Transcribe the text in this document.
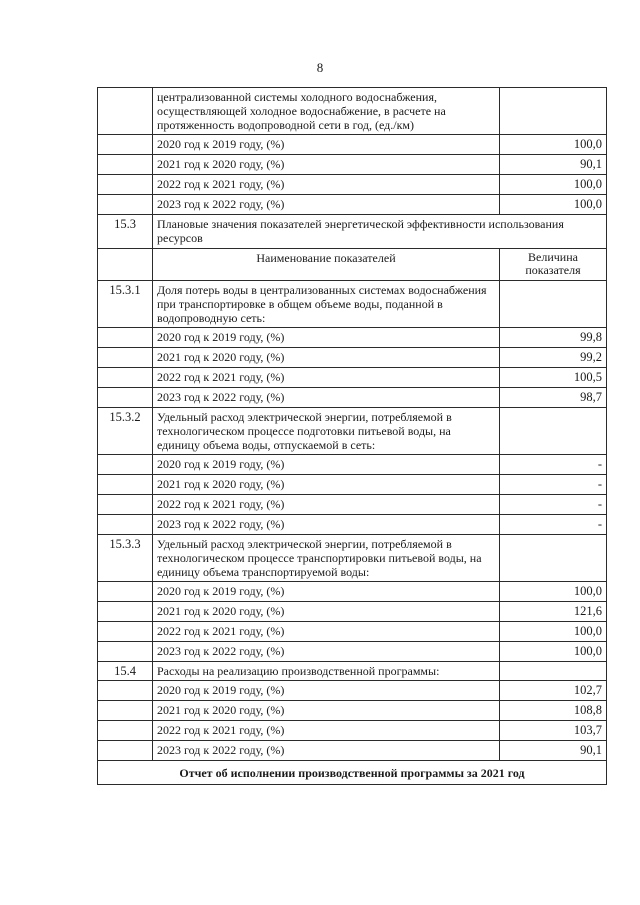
8
	централизованной системы холодного водоснабжения, осуществляющей холодное водоснабжение, в расчете на протяженность водопроводной сети в год, (ед./км)	
	2020 год к 2019 году, (%)	100,0
	2021 год к 2020 году, (%)	90,1
	2022 год к 2021 году, (%)	100,0
	2023 год к 2022 году, (%)	100,0
15.3	Плановые значения показателей энергетической эффективности использования ресурсов	
	Наименование показателей	Величина показателя
15.3.1	Доля потерь воды в централизованных системах водоснабжения при транспортировке в общем объеме воды, поданной в водопроводную сеть:	
	2020 год к 2019 году, (%)	99,8
	2021 год к 2020 году, (%)	99,2
	2022 год к 2021 году, (%)	100,5
	2023 год к 2022 году, (%)	98,7
15.3.2	Удельный расход электрической энергии, потребляемой в технологическом процессе подготовки питьевой воды, на единицу объема воды, отпускаемой в сеть:	
	2020 год к 2019 году, (%)	-
	2021 год к 2020 году, (%)	-
	2022 год к 2021 году, (%)	-
	2023 год к 2022 году, (%)	-
15.3.3	Удельный расход электрической энергии, потребляемой в технологическом процессе транспортировки питьевой воды, на единицу объема транспортируемой воды:	
	2020 год к 2019 году, (%)	100,0
	2021 год к 2020 году, (%)	121,6
	2022 год к 2021 году, (%)	100,0
	2023 год к 2022 году, (%)	100,0
15.4	Расходы на реализацию производственной программы:	
	2020 год к 2019 году, (%)	102,7
	2021 год к 2020 году, (%)	108,8
	2022 год к 2021 году, (%)	103,7
	2023 год к 2022 году, (%)	90,1
Отчет об исполнении производственной программы за 2021 год		
